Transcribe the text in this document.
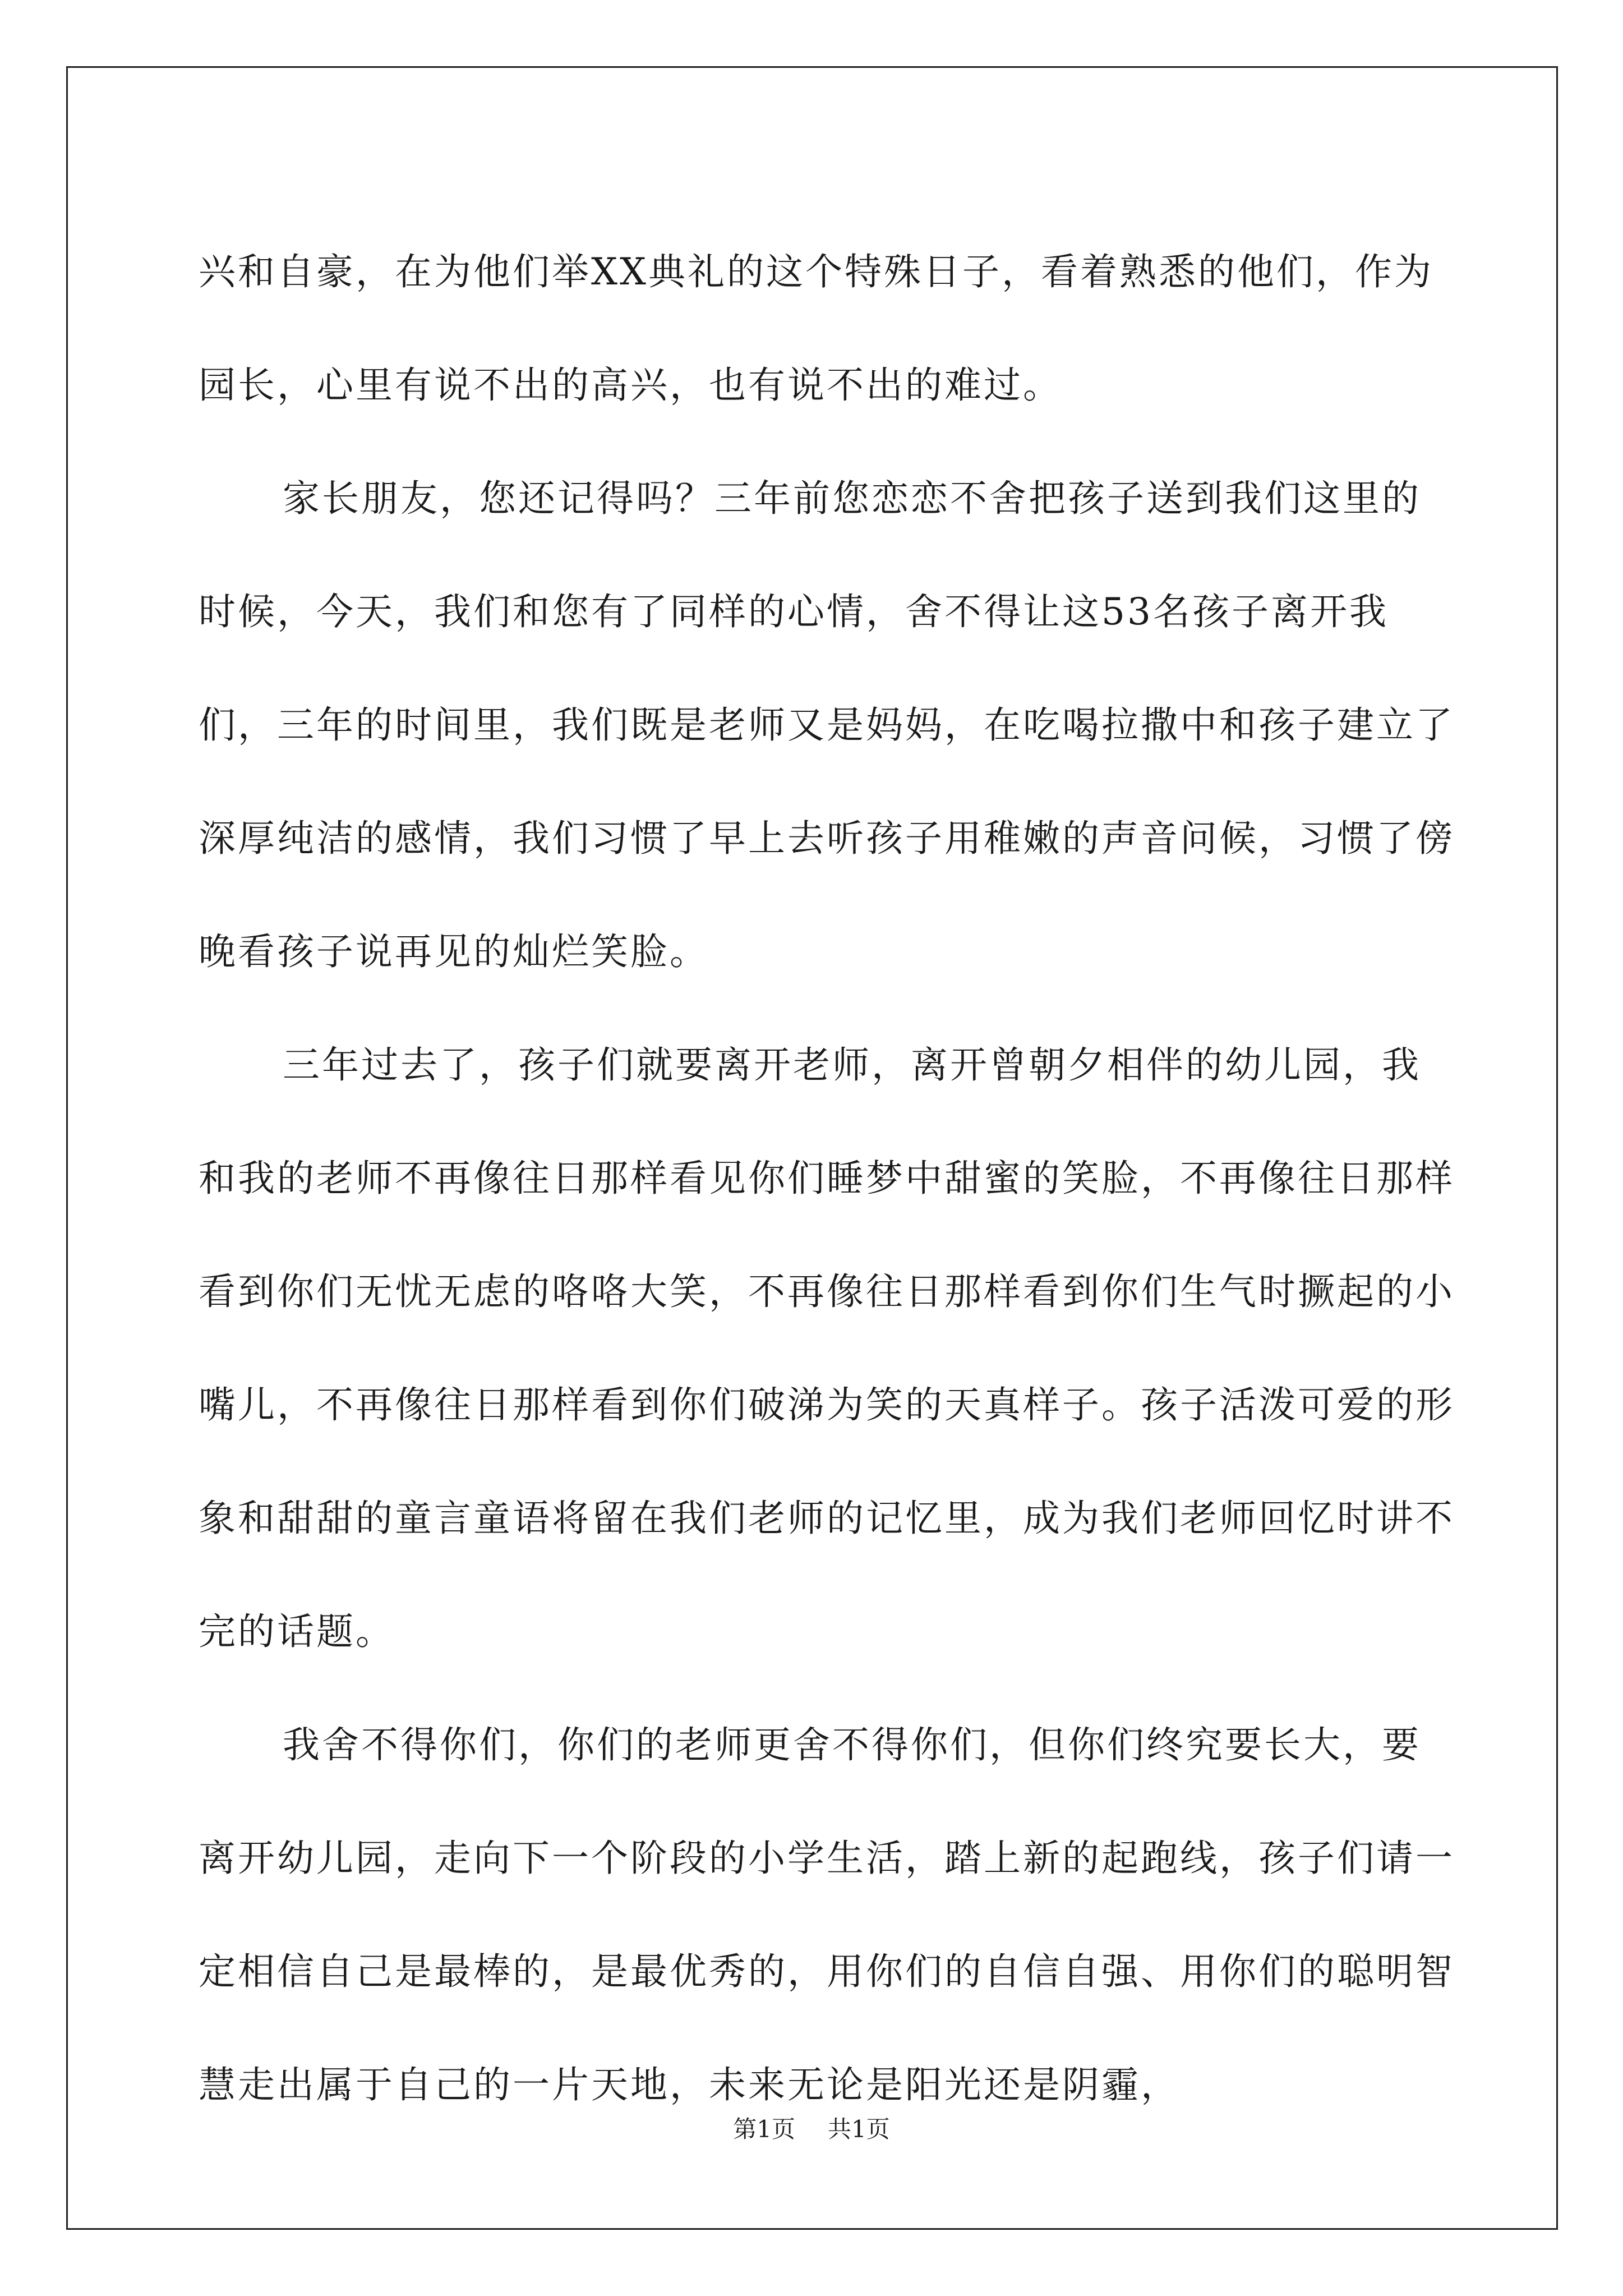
兴和自豪，在为他们举XX典礼的这个特殊日子，看着熟悉的他们，作为园长，心里有说不出的高兴，也有说不出的难过。

家长朋友，您还记得吗？三年前您恋恋不舍把孩子送到我们这里的时候，今天，我们和您有了同样的心情，舍不得让这53名孩子离开我们，三年的时间里，我们既是老师又是妈妈，在吃喝拉撒中和孩子建立了深厚纯洁的感情，我们习惯了早上去听孩子用稚嫩的声音问候，习惯了傍晚看孩子说再见的灿烂笑脸。

三年过去了，孩子们就要离开老师，离开曾朝夕相伴的幼儿园，我和我的老师不再像往日那样看见你们睡梦中甜蜜的笑脸，不再像往日那样看到你们无忧无虑的咯咯大笑，不再像往日那样看到你们生气时撅起的小嘴儿，不再像往日那样看到你们破涕为笑的天真样子。孩子活泼可爱的形象和甜甜的童言童语将留在我们老师的记忆里，成为我们老师回忆时讲不完的话题。

我舍不得你们，你们的老师更舍不得你们，但你们终究要长大，要离开幼儿园，走向下一个阶段的小学生活，踏上新的起跑线，孩子们请一定相信自己是最棒的，是最优秀的，用你们的自信自强、用你们的聪明智慧走出属于自己的一片天地，未来无论是阳光还是阴霾，

第1页 共1页
